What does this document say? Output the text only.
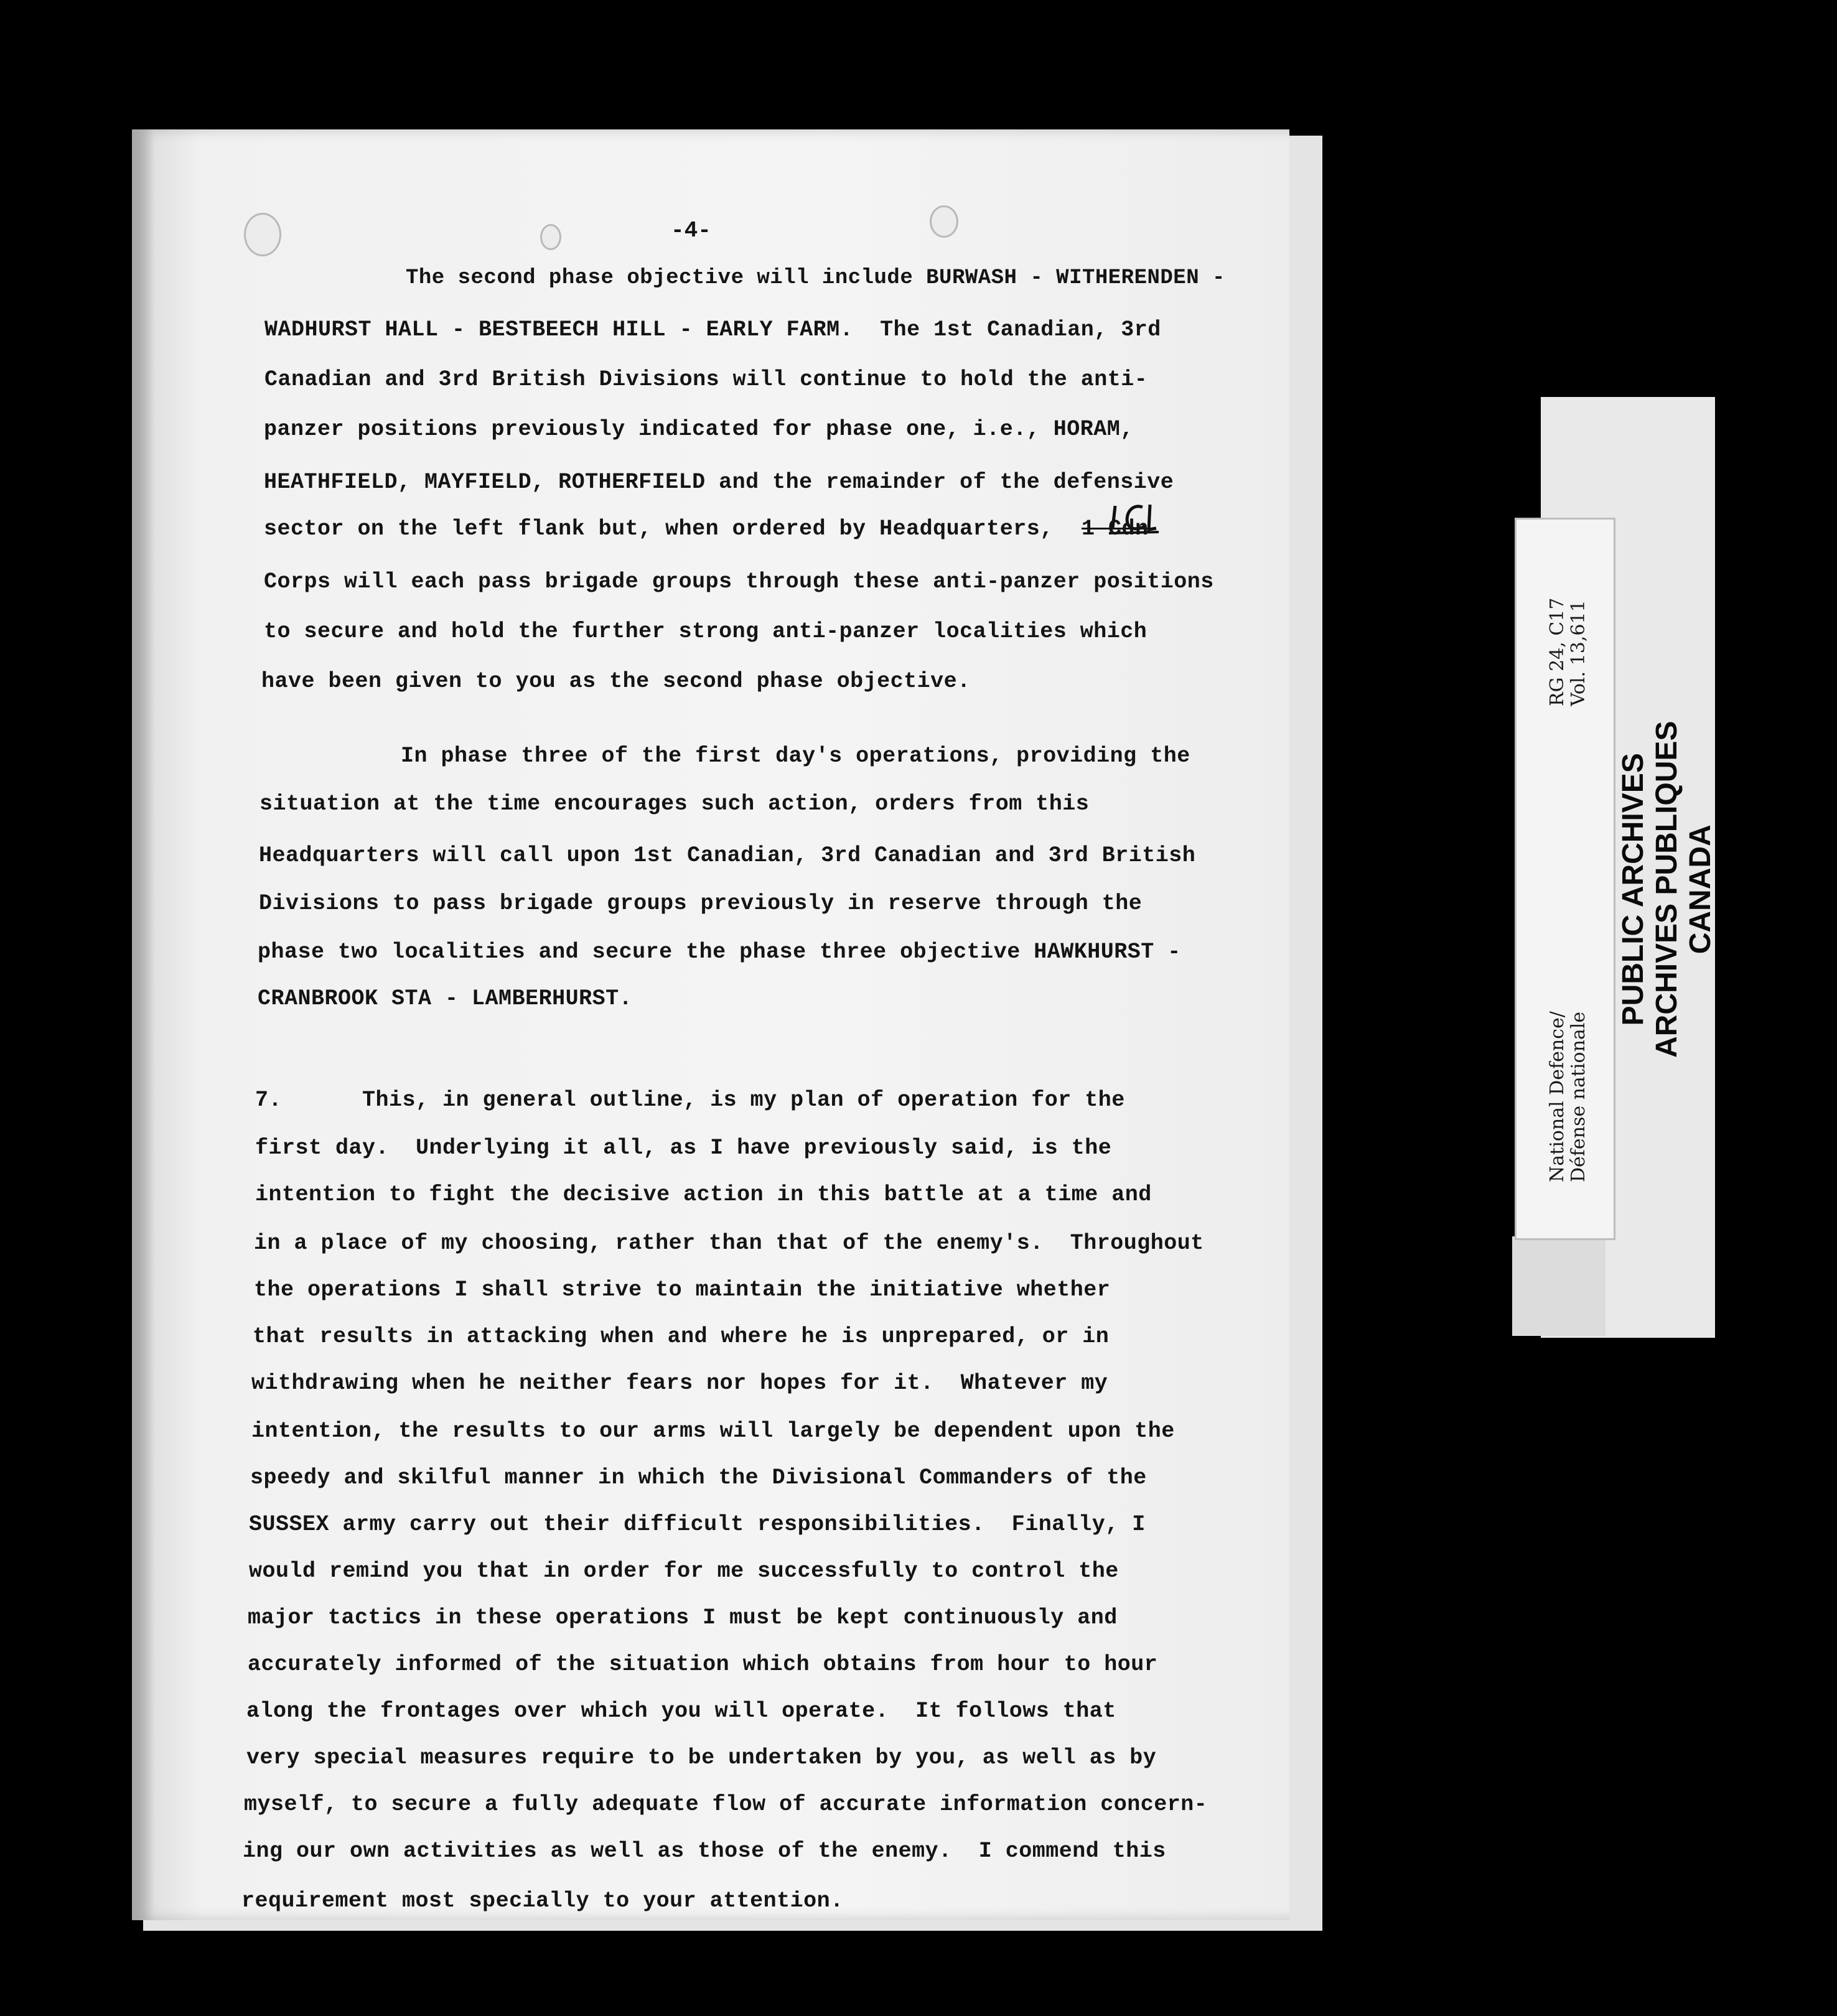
-4-

The second phase objective will include BURWASH - WITHERENDEN -

WADHURST HALL - BESTBEECH HILL - EARLY FARM.  The 1st Canadian, 3rd

Canadian and 3rd British Divisions will continue to hold the anti-

panzer positions previously indicated for phase one, i.e., HORAM,

HEATHFIELD, MAYFIELD, ROTHERFIELD and the remainder of the defensive

sector on the left flank but, when ordered by Headquarters,

Corps will each pass brigade groups through these anti-panzer positions

to secure and hold the further strong anti-panzer localities which

have been given to you as the second phase objective.

1 Cdn

In phase three of the first day's operations, providing the

situation at the time encourages such action, orders from this

Headquarters will call upon 1st Canadian, 3rd Canadian and 3rd British

Divisions to pass brigade groups previously in reserve through the

phase two localities and secure the phase three objective HAWKHURST -

CRANBROOK STA - LAMBERHURST.

7.      This, in general outline, is my plan of operation for the

first day.  Underlying it all, as I have previously said, is the

intention to fight the decisive action in this battle at a time and

in a place of my choosing, rather than that of the enemy's.  Throughout

the operations I shall strive to maintain the initiative whether

that results in attacking when and where he is unprepared, or in

withdrawing when he neither fears nor hopes for it.  Whatever my

intention, the results to our arms will largely be dependent upon the

speedy and skilful manner in which the Divisional Commanders of the

SUSSEX army carry out their difficult responsibilities.  Finally, I

would remind you that in order for me successfully to control the

major tactics in these operations I must be kept continuously and

accurately informed of the situation which obtains from hour to hour

along the frontages over which you will operate.  It follows that

very special measures require to be undertaken by you, as well as by

myself, to secure a fully adequate flow of accurate information concern-

ing our own activities as well as those of the enemy.  I commend this

requirement most specially to your attention.

RG 24, C17 Vol. 13,611
National Defence/ Défense nationale
PUBLIC ARCHIVES ARCHIVES PUBLIQUES CANADA
